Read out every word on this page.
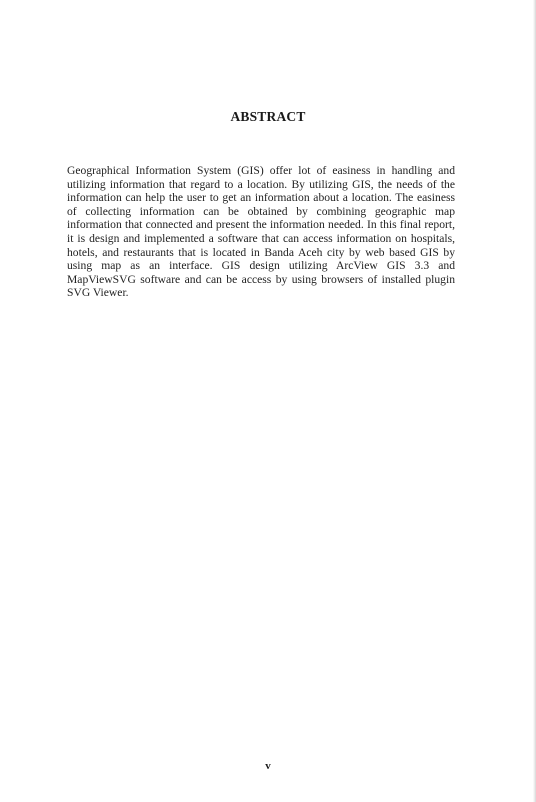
ABSTRACT

Geographical Information System (GIS) offer lot of easiness in handling and utilizing information that regard to a location. By utilizing GIS, the needs of the information can help the user to get an information about a location. The easiness of collecting information can be obtained by combining geographic map information that connected and present the information needed. In this final report, it is design and implemented a software that can access information on hospitals, hotels, and restaurants that is located in Banda Aceh city by web based GIS by using map as an interface. GIS design utilizing ArcView GIS 3.3 and MapViewSVG software and can be access by using browsers of installed plugin SVG Viewer.

v
